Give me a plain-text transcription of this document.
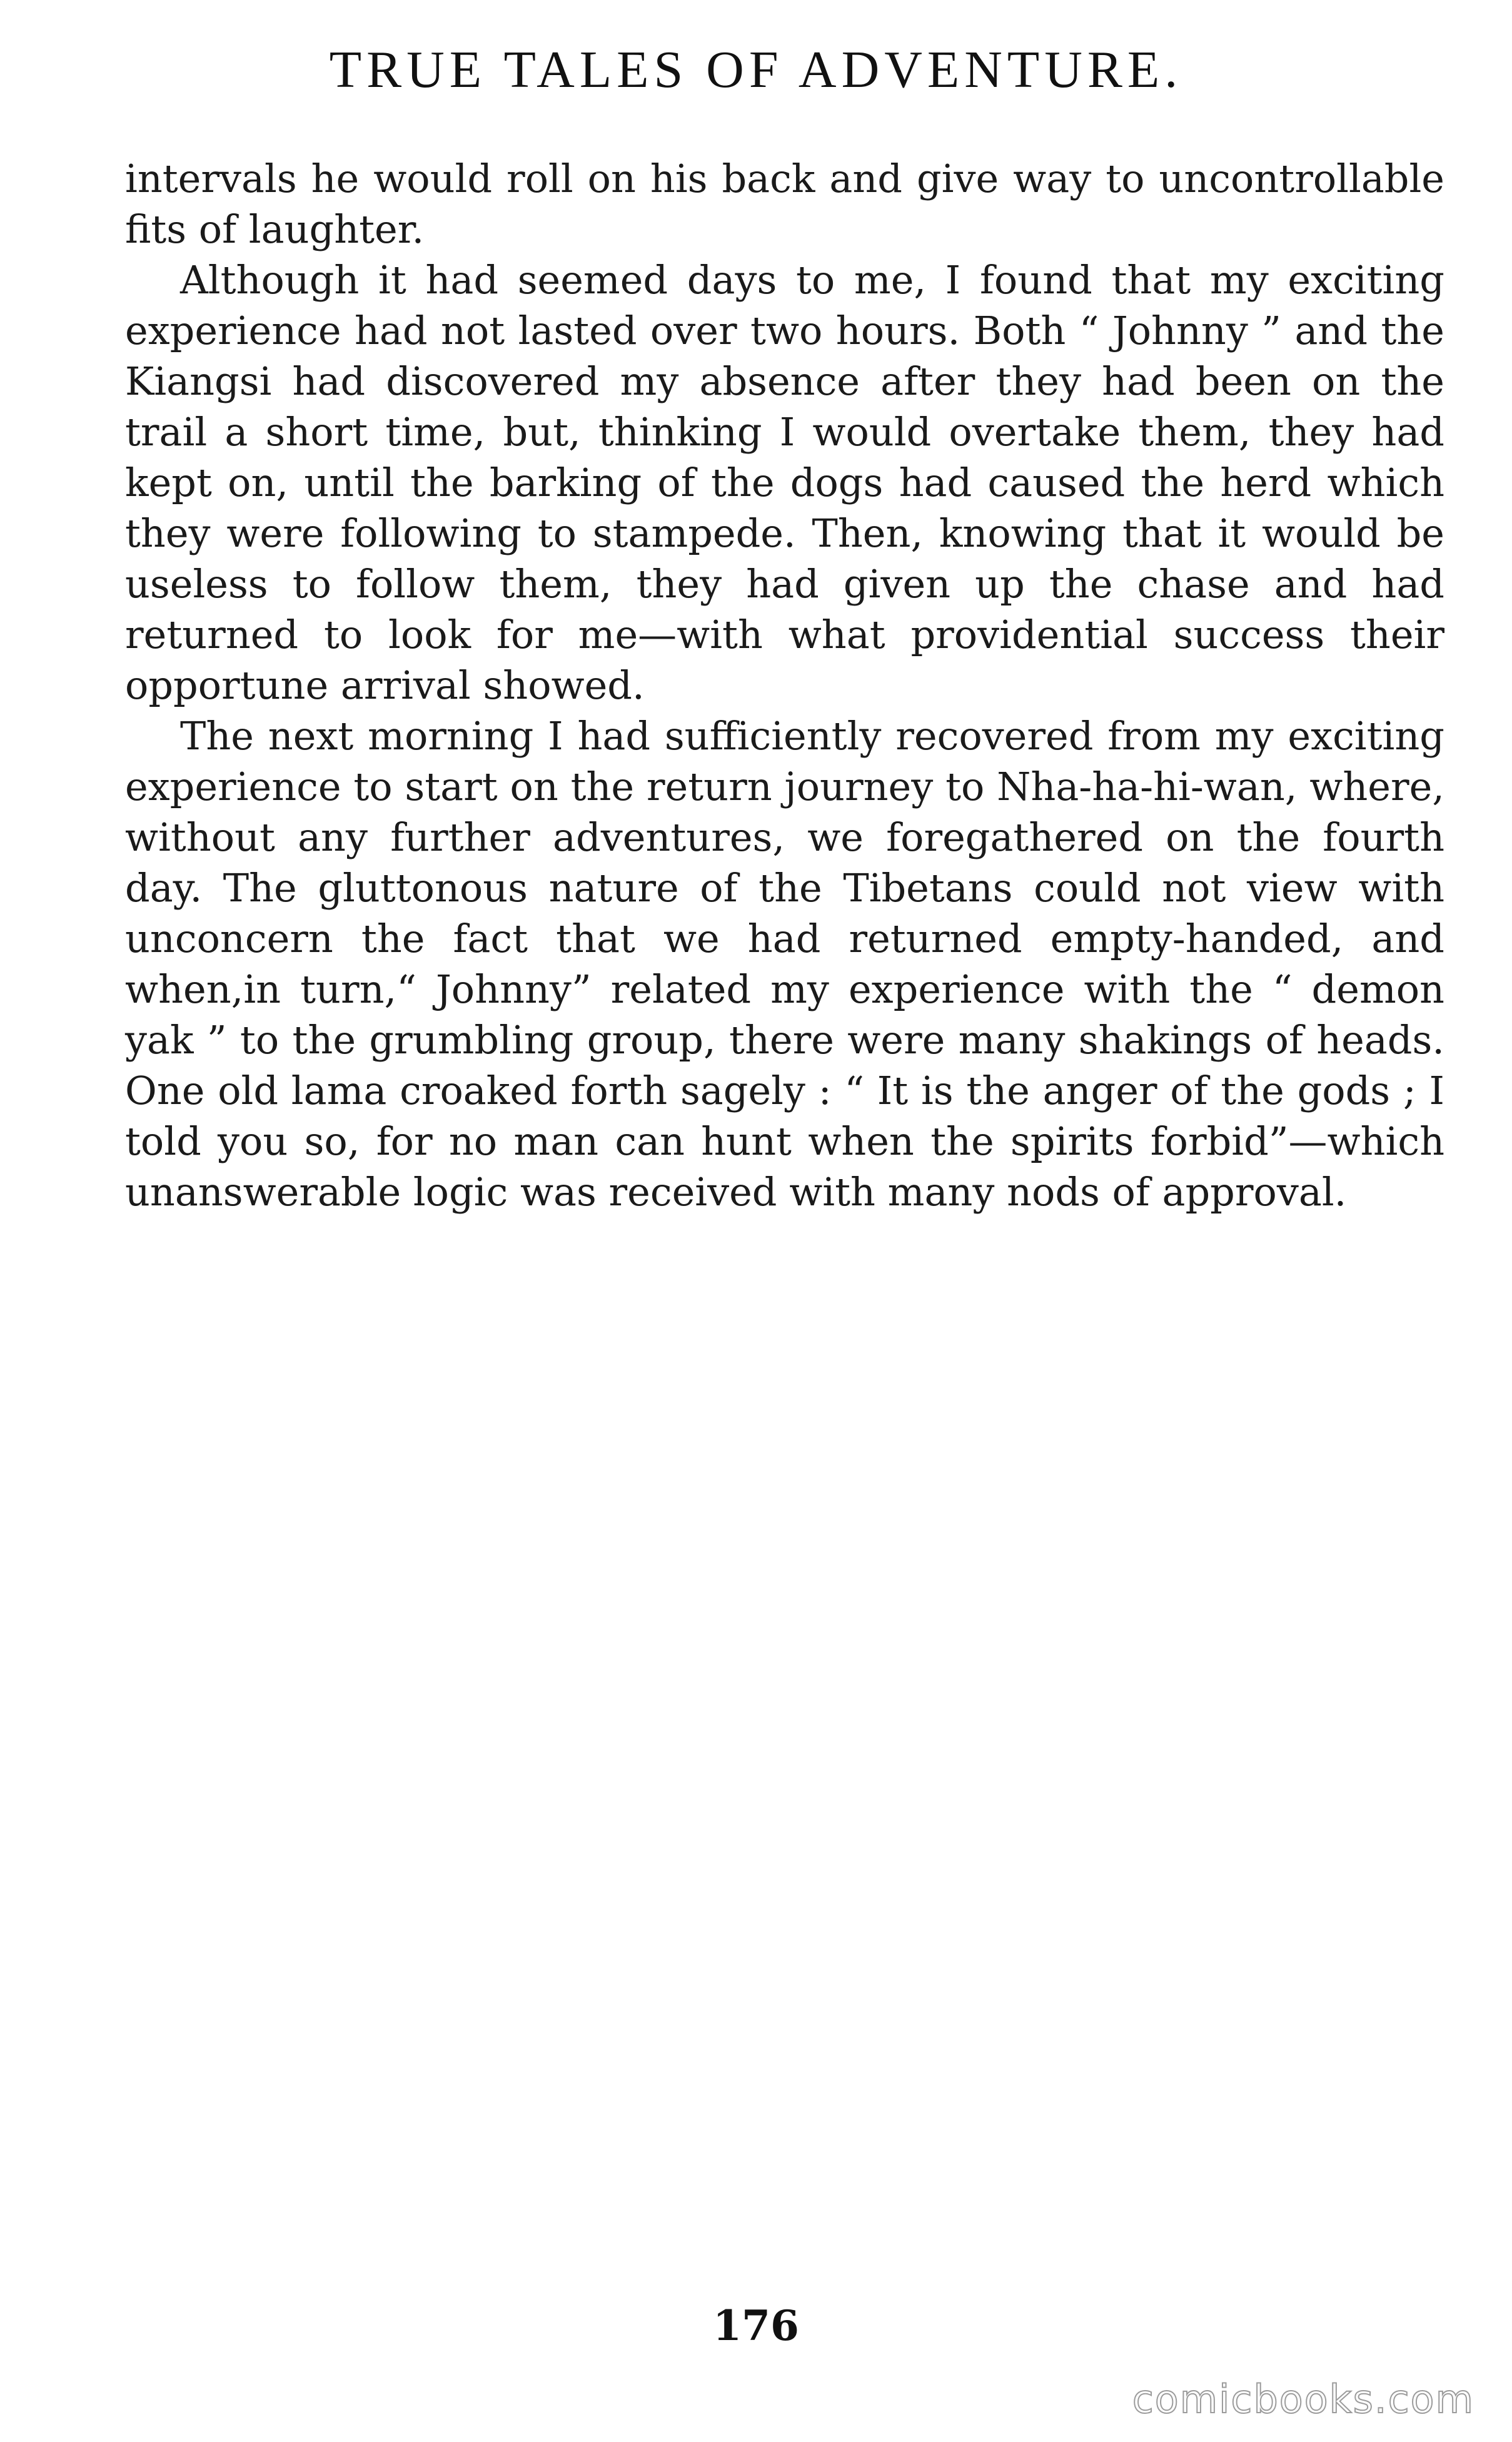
TRUE TALES OF ADVENTURE.

intervals he would roll on his back and give way to uncontrollable fits of laughter.

Although it had seemed days to me, I found that my exciting experience had not lasted over two hours. Both “ Johnny ” and the Kiangsi had discovered my absence after they had been on the trail a short time, but, thinking I would overtake them, they had kept on, until the barking of the dogs had caused the herd which they were following to stampede. Then, knowing that it would be useless to follow them, they had given up the chase and had returned to look for me—with what providential success their opportune arrival showed.

The next morning I had sufficiently recovered from my exciting experience to start on the return journey to Nha-ha-hi-wan, where, without any further adventures, we foregathered on the fourth day. The gluttonous nature of the Tibetans could not view with unconcern the fact that we had returned empty-handed, and when,in turn,“ Johnny” related my experience with the “ demon yak ” to the grumbling group, there were many shakings of heads. One old lama croaked forth sagely : “ It is the anger of the gods ; I told you so, for no man can hunt when the spirits forbid”—which unanswerable logic was received with many nods of approval.

176
comicbooks.com
